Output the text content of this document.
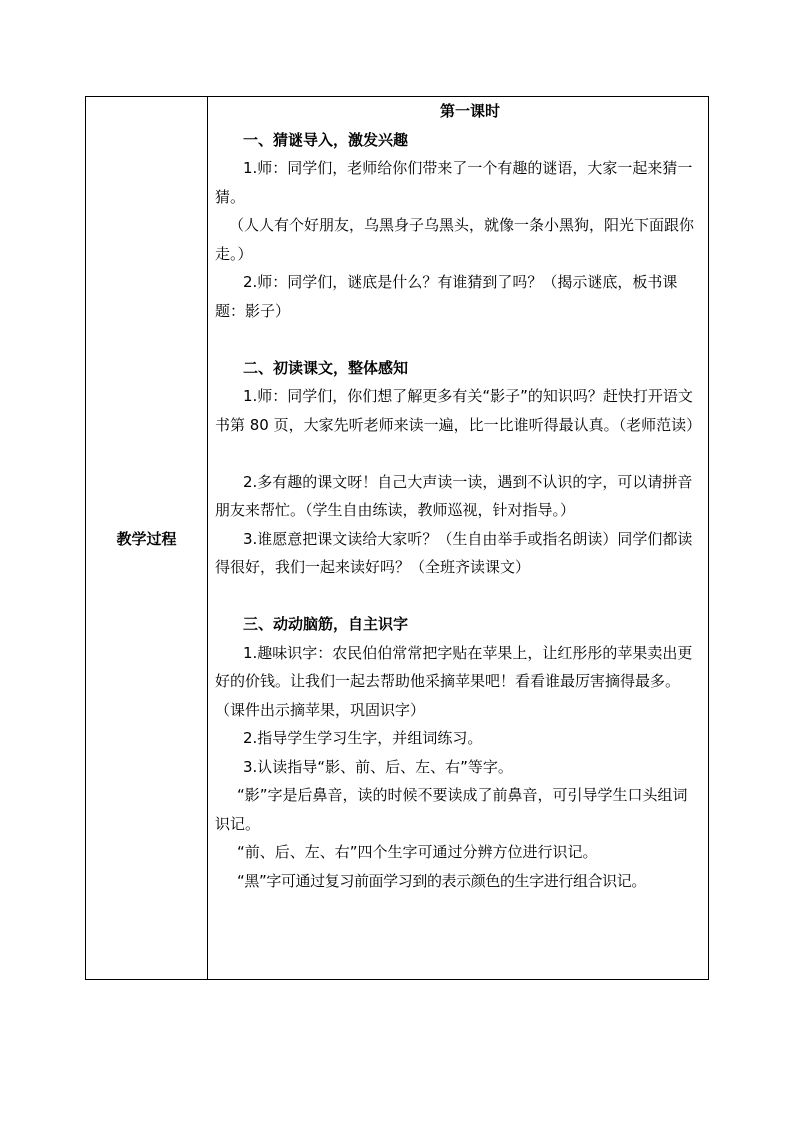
教学过程	

第一课时

一、猜谜导入，激发兴趣

1.师：同学们，老师给你们带来了一个有趣的谜语，大家一起来猜一猜。

（人人有个好朋友，乌黑身子乌黑头，就像一条小黑狗，阳光下面跟你走。）

2.师：同学们，谜底是什么？有谁猜到了吗？（揭示谜底，板书课题：影子）

二、初读课文，整体感知

1.师：同学们，你们想了解更多有关“影子”的知识吗？赶快打开语文书第 80 页，大家先听老师来读一遍，比一比谁听得最认真。（老师范读）

2.多有趣的课文呀！自己大声读一读，遇到不认识的字，可以请拼音朋友来帮忙。（学生自由练读，教师巡视，针对指导。）

3.谁愿意把课文读给大家听？（生自由举手或指名朗读）同学们都读得很好，我们一起来读好吗？（全班齐读课文）

三、动动脑筋，自主识字

1.趣味识字：农民伯伯常常把字贴在苹果上，让红彤彤的苹果卖出更好的价钱。让我们一起去帮助他采摘苹果吧！看看谁最厉害摘得最多。（课件出示摘苹果，巩固识字）

2.指导学生学习生字，并组词练习。

3.认读指导“影、前、后、左、右”等字。

“影”字是后鼻音，读的时候不要读成了前鼻音，可引导学生口头组词识记。

“前、后、左、右”四个生字可通过分辨方位进行识记。

“黑”字可通过复习前面学习到的表示颜色的生字进行组合识记。
